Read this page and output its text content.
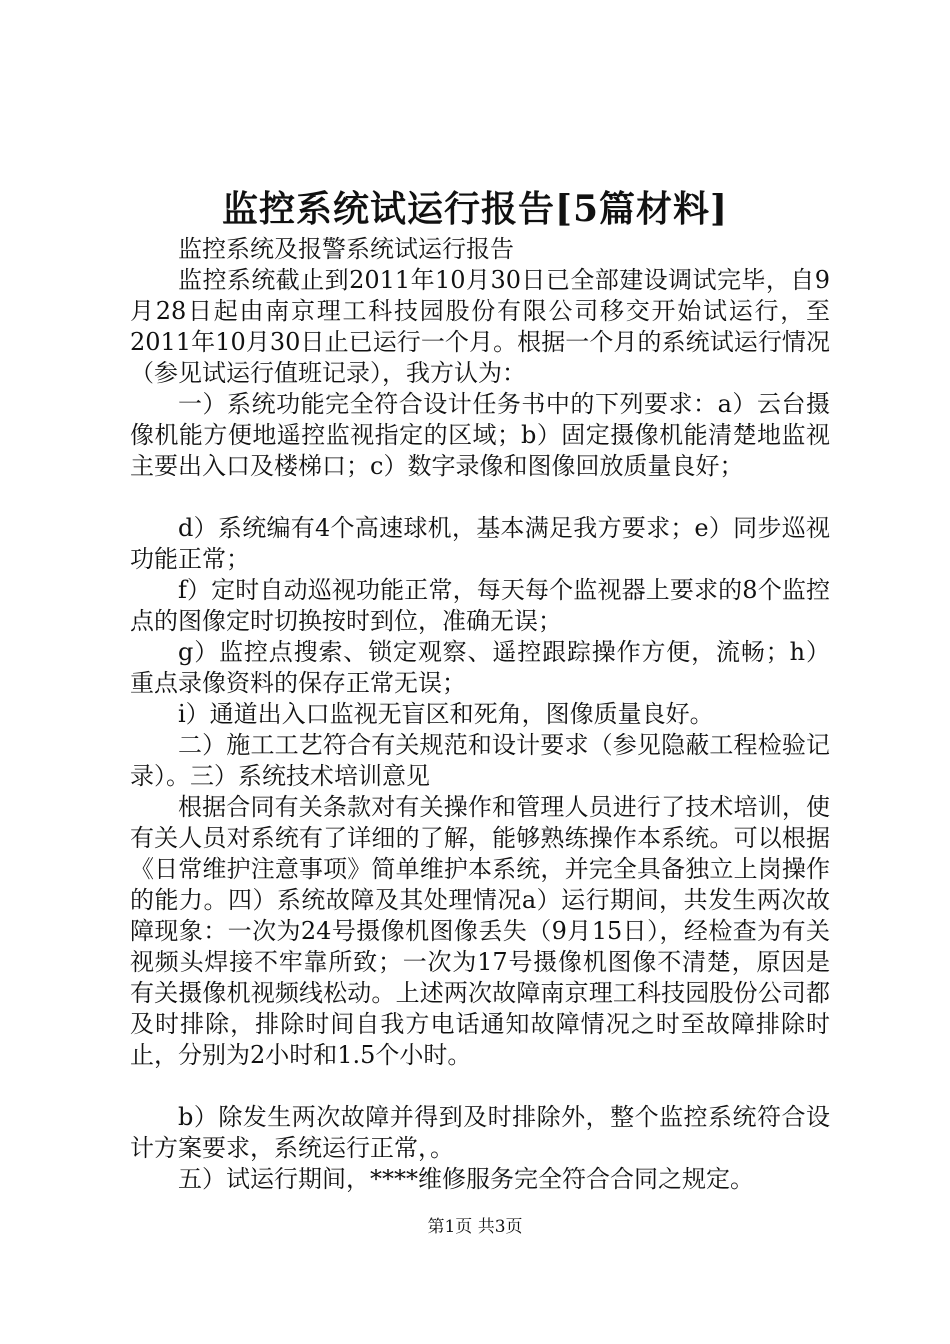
监控系统试运行报告[5篇材料]

监控系统及报警系统试运行报告

监控系统截止到2011年10月30日已全部建设调试完毕，自9月28日起由南京理工科技园股份有限公司移交开始试运行，至2011年10月30日止已运行一个月。根据一个月的系统试运行情况（参见试运行值班记录），我方认为：

一）系统功能完全符合设计任务书中的下列要求：a）云台摄像机能方便地遥控监视指定的区域；b）固定摄像机能清楚地监视主要出入口及楼梯口；c）数字录像和图像回放质量良好；

d）系统编有4个高速球机，基本满足我方要求；e）同步巡视功能正常；

f）定时自动巡视功能正常，每天每个监视器上要求的8个监控点的图像定时切换按时到位，准确无误；

g）监控点搜索、锁定观察、遥控跟踪操作方便，流畅；h）重点录像资料的保存正常无误；

i）通道出入口监视无盲区和死角，图像质量良好。

二）施工工艺符合有关规范和设计要求（参见隐蔽工程检验记录）。三）系统技术培训意见

根据合同有关条款对有关操作和管理人员进行了技术培训，使有关人员对系统有了详细的了解，能够熟练操作本系统。可以根据《日常维护注意事项》简单维护本系统，并完全具备独立上岗操作的能力。四）系统故障及其处理情况a）运行期间，共发生两次故障现象：一次为24号摄像机图像丢失（9月15日），经检查为有关视频头焊接不牢靠所致；一次为17号摄像机图像不清楚，原因是有关摄像机视频线松动。上述两次故障南京理工科技园股份公司都及时排除，排除时间自我方电话通知故障情况之时至故障排除时止，分别为2小时和1.5个小时。

b）除发生两次故障并得到及时排除外，整个监控系统符合设计方案要求，系统运行正常，。

五）试运行期间，****维修服务完全符合合同之规定。

第1页 共3页
